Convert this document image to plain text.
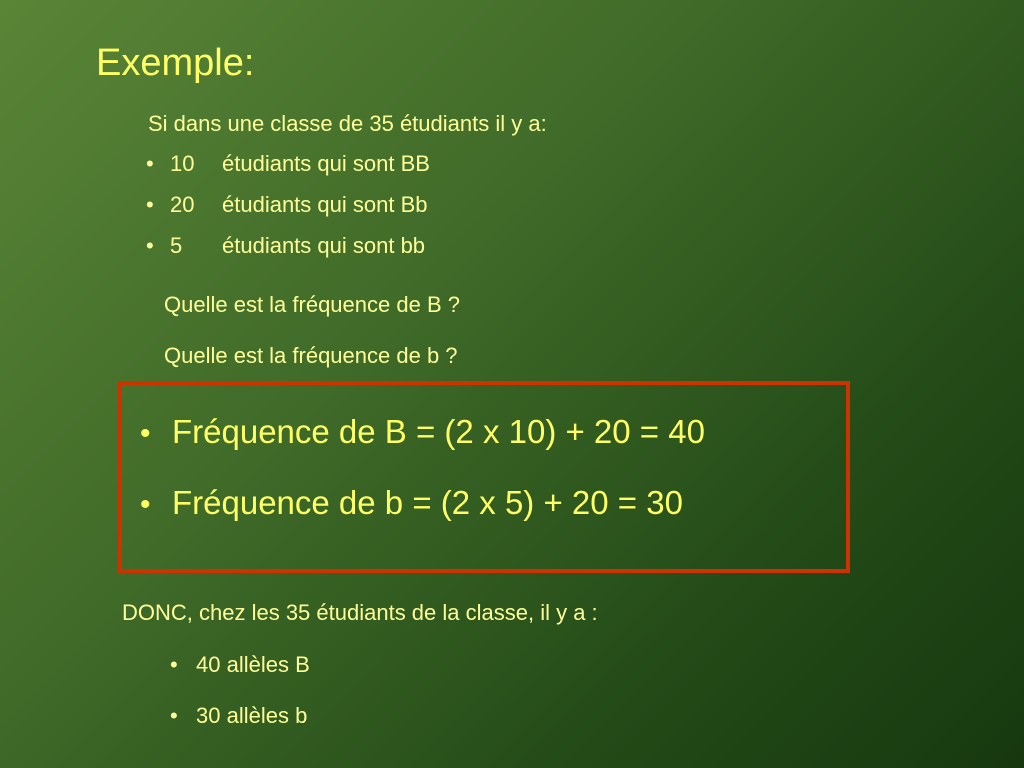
Exemple:
Si dans une classe de 35 étudiants il y a:
• 10	étudiants qui sont BB
• 20	étudiants qui sont Bb
• 5	étudiants qui sont bb
Quelle est la fréquence de B ?
Quelle est la fréquence de b ?
• Fréquence de B = (2 x 10) + 20 = 40
• Fréquence de b = (2 x 5) + 20 = 30
DONC, chez les 35 étudiants de la classe, il y a :
• 40 allèles B
• 30 allèles b
